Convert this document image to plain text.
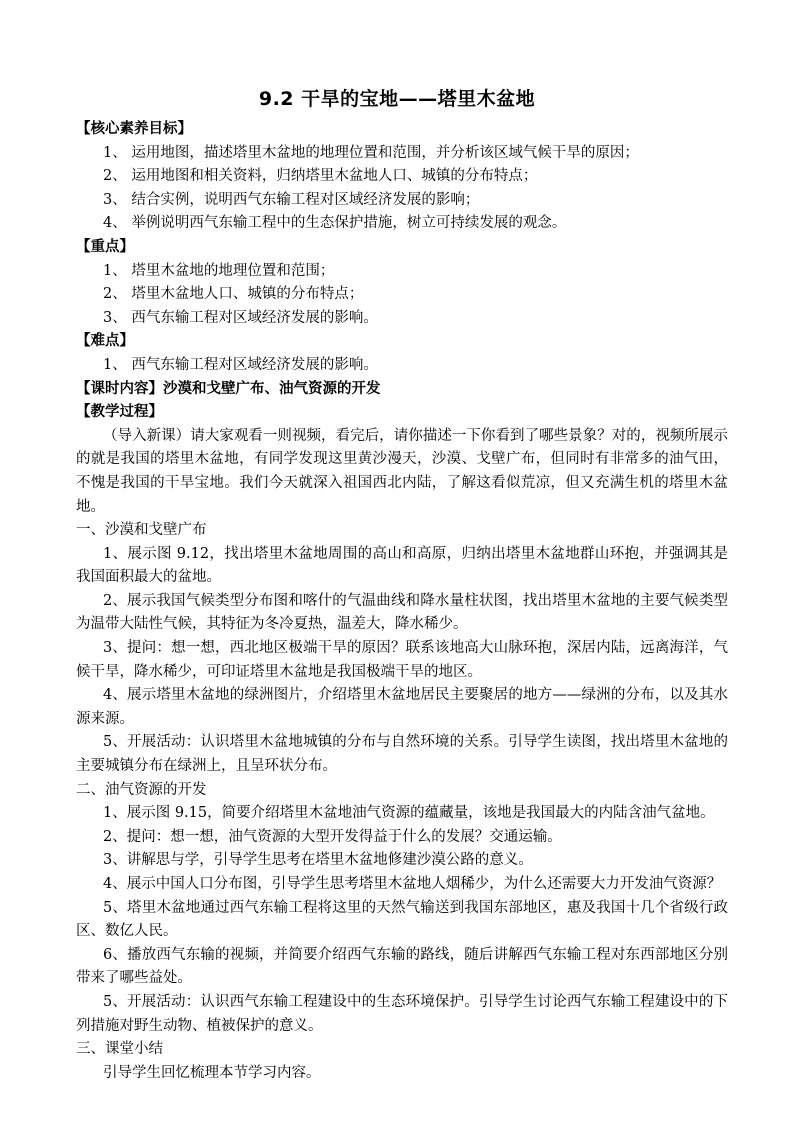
9.2 干旱的宝地——塔里木盆地

【核心素养目标】

1、 运用地图，描述塔里木盆地的地理位置和范围，并分析该区域气候干旱的原因；

2、 运用地图和相关资料，归纳塔里木盆地人口、城镇的分布特点；

3、 结合实例，说明西气东输工程对区域经济发展的影响；

4、 举例说明西气东输工程中的生态保护措施，树立可持续发展的观念。

【重点】

1、 塔里木盆地的地理位置和范围；

2、 塔里木盆地人口、城镇的分布特点；

3、 西气东输工程对区域经济发展的影响。

【难点】

1、 西气东输工程对区域经济发展的影响。

【课时内容】沙漠和戈壁广布、油气资源的开发

【教学过程】

（导入新课）请大家观看一则视频，看完后，请你描述一下你看到了哪些景象？对的，视频所展示的就是我国的塔里木盆地，有同学发现这里黄沙漫天，沙漠、戈壁广布，但同时有非常多的油气田，不愧是我国的干旱宝地。我们今天就深入祖国西北内陆，了解这看似荒凉，但又充满生机的塔里木盆地。

一、沙漠和戈壁广布

1、展示图 9.12，找出塔里木盆地周围的高山和高原，归纳出塔里木盆地群山环抱，并强调其是我国面积最大的盆地。

2、展示我国气候类型分布图和喀什的气温曲线和降水量柱状图，找出塔里木盆地的主要气候类型为温带大陆性气候，其特征为冬冷夏热，温差大，降水稀少。

3、提问：想一想，西北地区极端干旱的原因？联系该地高大山脉环抱，深居内陆，远离海洋，气候干旱，降水稀少，可印证塔里木盆地是我国极端干旱的地区。

4、展示塔里木盆地的绿洲图片，介绍塔里木盆地居民主要聚居的地方——绿洲的分布，以及其水源来源。

5、开展活动：认识塔里木盆地城镇的分布与自然环境的关系。引导学生读图，找出塔里木盆地的主要城镇分布在绿洲上，且呈环状分布。

二、油气资源的开发

1、展示图 9.15，简要介绍塔里木盆地油气资源的蕴藏量，该地是我国最大的内陆含油气盆地。

2、提问：想一想，油气资源的大型开发得益于什么的发展？交通运输。

3、讲解思与学，引导学生思考在塔里木盆地修建沙漠公路的意义。

4、展示中国人口分布图，引导学生思考塔里木盆地人烟稀少，为什么还需要大力开发油气资源？

5、塔里木盆地通过西气东输工程将这里的天然气输送到我国东部地区，惠及我国十几个省级行政区、数亿人民。

6、播放西气东输的视频，并简要介绍西气东输的路线，随后讲解西气东输工程对东西部地区分别带来了哪些益处。

5、开展活动：认识西气东输工程建设中的生态环境保护。引导学生讨论西气东输工程建设中的下列措施对野生动物、植被保护的意义。

三、课堂小结

引导学生回忆梳理本节学习内容。
